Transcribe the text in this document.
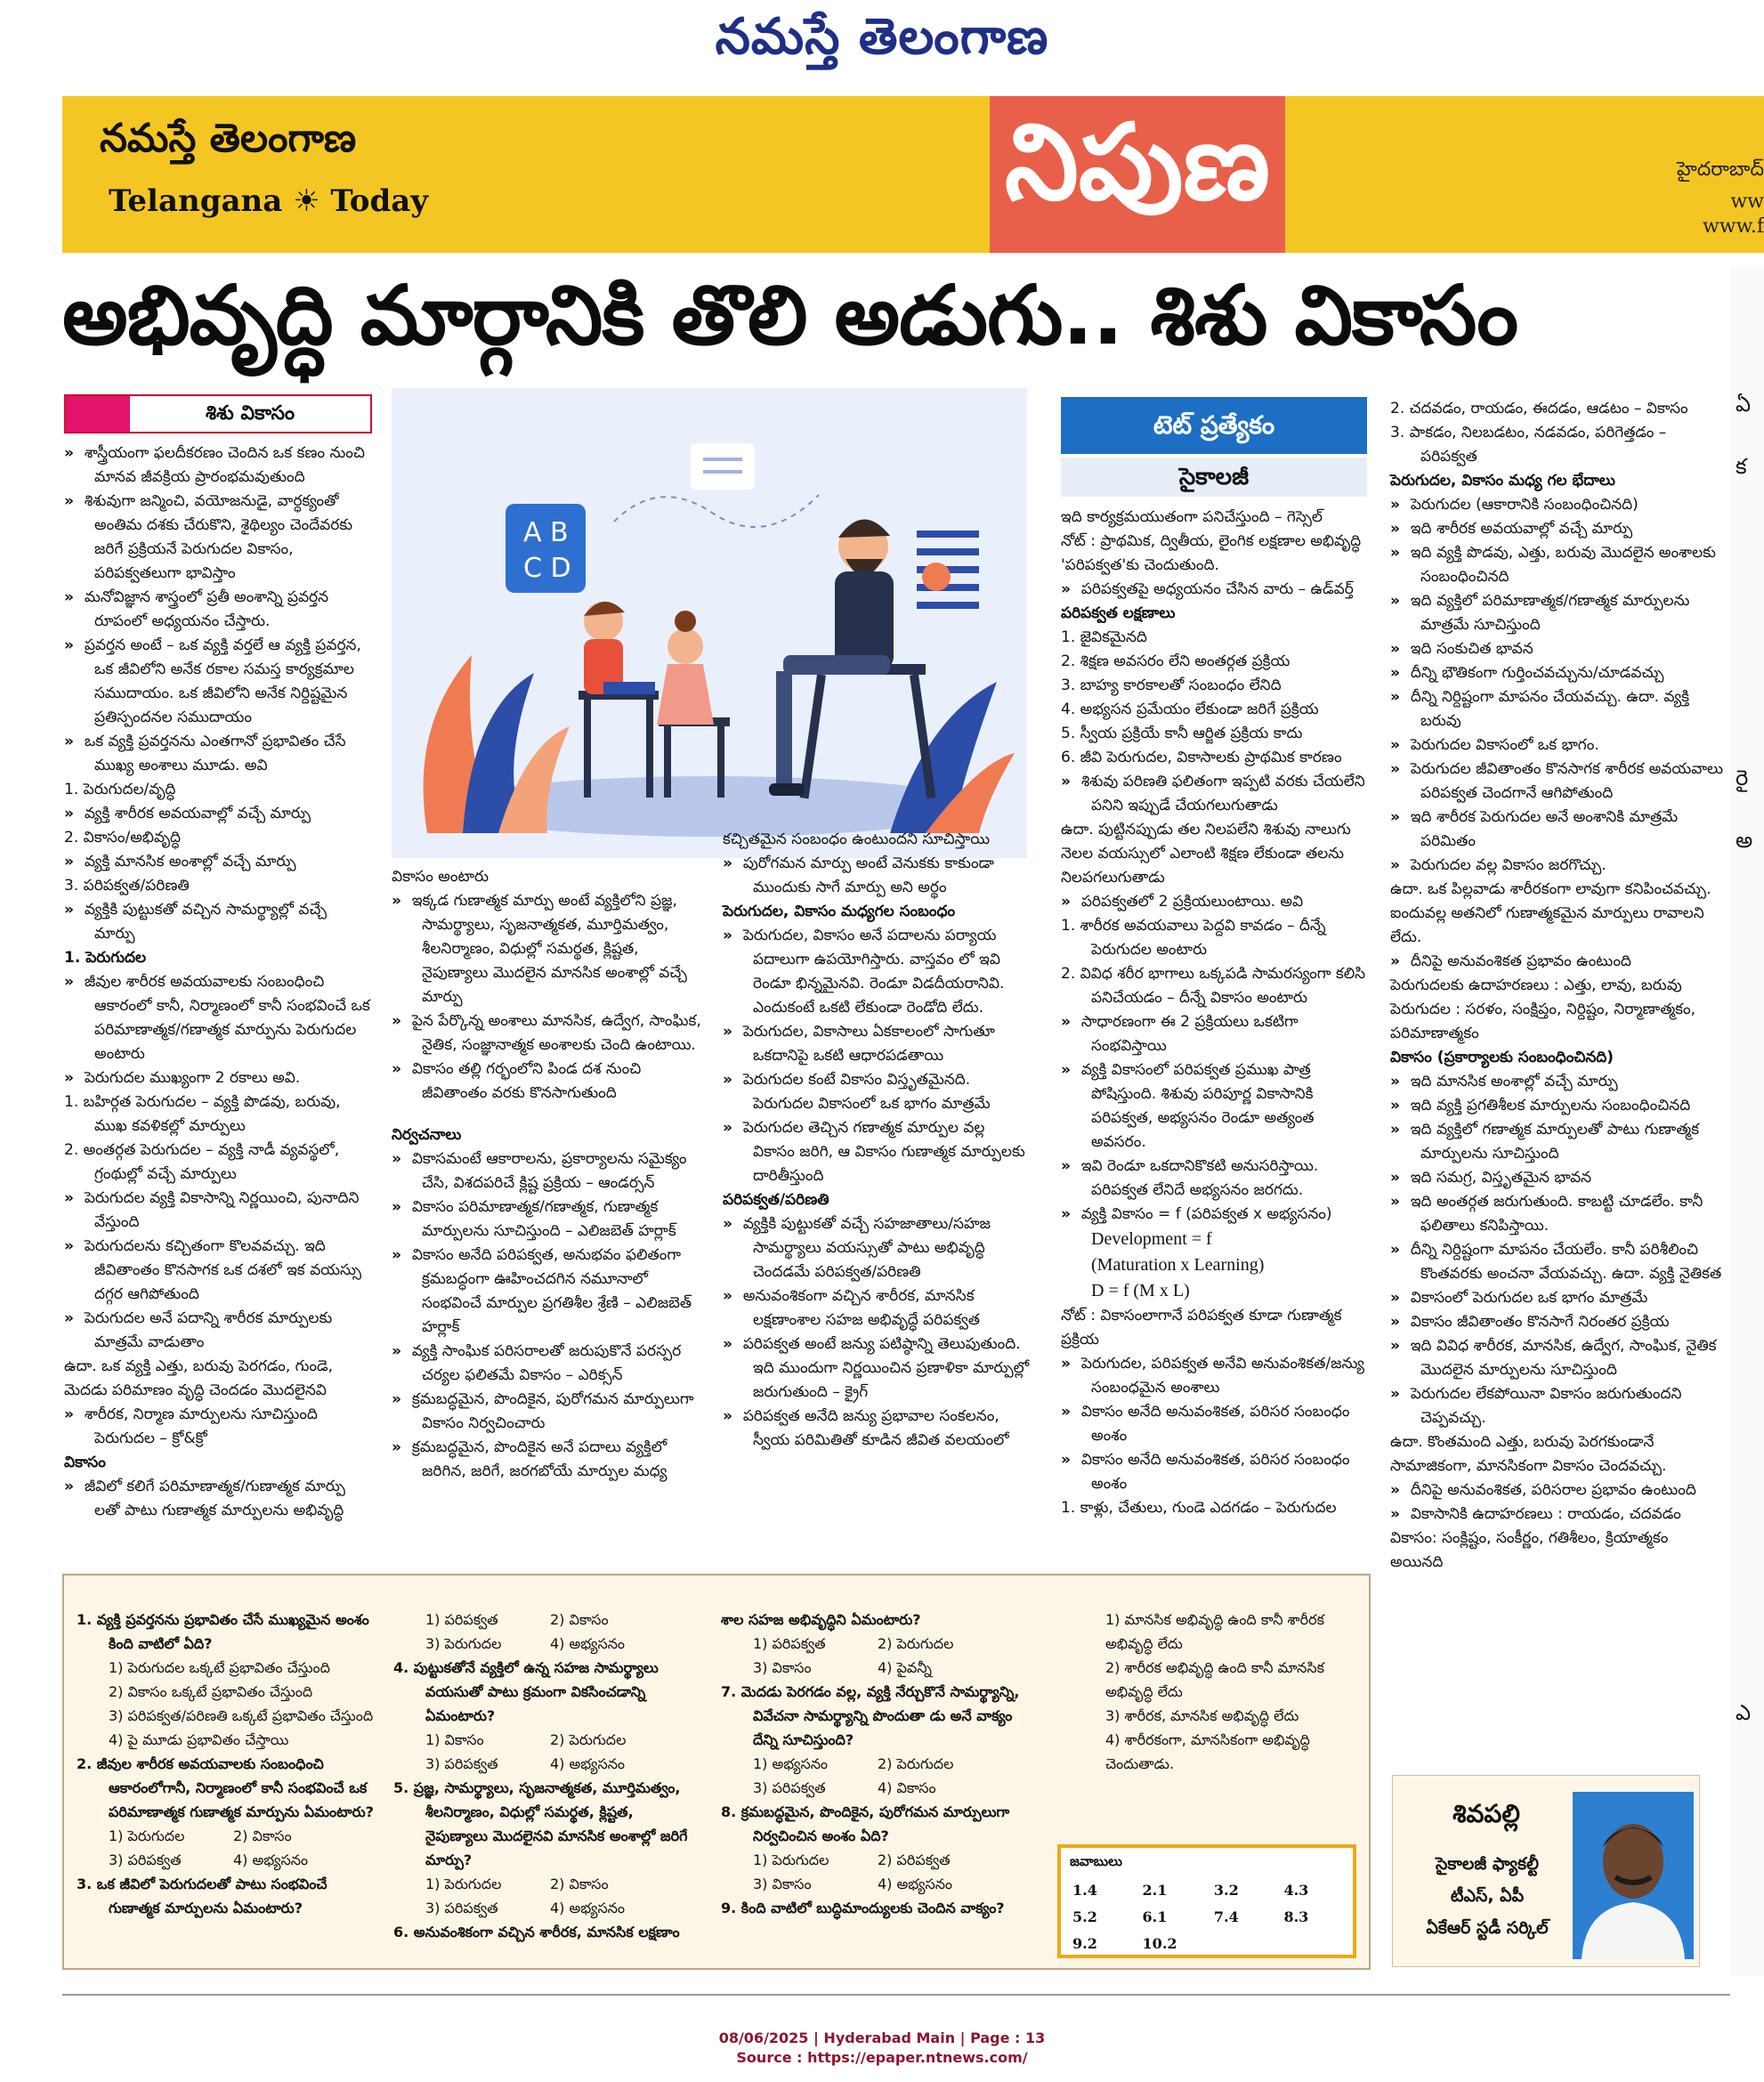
నమస్తే తెలంగాణ
నమస్తే తెలంగాణ
Telangana ☀ Today	నిపుణ	హైదరాబాద్
ww
www.f
అభివృద్ధి మార్గానికి తొలి అడుగు.. శిశు వికాసం
ఏ
క
రై
అ
ఎ
శిశు వికాసం

»  శాస్త్రీయంగా ఫలదీకరణం చెందిన ఒక కణం నుంచి మానవ జీవక్రియ ప్రారంభమవుతుంది

»  శిశువుగా జన్మించి, వయోజనుడై, వార్ధక్యంతో అంతిమ దశకు చేరుకొని, శైథిల్యం చెందేవరకు జరిగే ప్రక్రియనే పెరుగుదల వికాసం, పరిపక్వతలుగా భావిస్తాం

»  మనోవిజ్ఞాన శాస్త్రంలో ప్రతీ అంశాన్ని ప్రవర్తన రూపంలో అధ్యయనం చేస్తారు.

»  ప్రవర్తన అంటే – ఒక వ్యక్తి వర్తలే ఆ వ్యక్తి ప్రవర్తన, ఒక జీవిలోని అనేక రకాల సమస్త కార్యక్రమాల సముదాయం. ఒక జీవిలోని అనేక నిర్దిష్టమైన ప్రతిస్పందనల సముదాయం

»  ఒక వ్యక్తి ప్రవర్తనను ఎంతగానో ప్రభావితం చేసే ముఖ్య అంశాలు మూడు. అవి

1. పెరుగుదల/వృద్ధి

»  వ్యక్తి శారీరక అవయవాల్లో వచ్చే మార్పు

2. వికాసం/అభివృద్ధి

»  వ్యక్తి మానసిక అంశాల్లో వచ్చే మార్పు

3. పరిపక్వత/పరిణతి

»  వ్యక్తికి పుట్టుకతో వచ్చిన సామర్థ్యాల్లో వచ్చే మార్పు

1. పెరుగుదల

»  జీవుల శారీరక అవయవాలకు సంబంధించి ఆకారంలో కానీ, నిర్మాణంలో కానీ సంభవించే ఒక పరిమాణాత్మక/గణాత్మక మార్పును పెరుగుదల అంటారు

»  పెరుగుదల ముఖ్యంగా 2 రకాలు అవి.

1. బహిర్గత పెరుగుదల – వ్యక్తి పొడవు, బరువు, ముఖ కవళికల్లో మార్పులు

2. అంతర్గత పెరుగుదల – వ్యక్తి నాడీ వ్యవస్థలో, గ్రంథుల్లో వచ్చే మార్పులు

»  పెరుగుదల వ్యక్తి వికాసాన్ని నిర్ణయించి, పునాదిని వేస్తుంది

»  పెరుగుదలను కచ్చితంగా కొలవవచ్చు. ఇది జీవితాంతం కొనసాగక ఒక దశలో ఇక వయస్సు దగ్గర ఆగిపోతుంది

»  పెరుగుదల అనే పదాన్ని శారీరక మార్పులకు మాత్రమే వాడుతాం

ఉదా. ఒక వ్యక్తి ఎత్తు, బరువు పెరగడం, గుండె, మెదడు పరిమాణం వృద్ధి చెందడం మొదలైనవి

»  శారీరక, నిర్మాణ మార్పులను సూచిస్తుంది పెరుగుదల – క్రో&క్రో

వికాసం

»  జీవిలో కలిగే పరిమాణాత్మక/గుణాత్మక మార్పు లతో పాటు గుణాత్మక మార్పులను అభివృద్ధి

A B
C D

వికాసం అంటారు

»  ఇక్కడ గుణాత్మక మార్పు అంటే వ్యక్తిలోని ప్రజ్ఞ, సామర్థ్యాలు, సృజనాత్మకత, మూర్తిమత్వం, శీలనిర్మాణం, విధుల్లో సమర్థత, క్లిష్టత, నైపుణ్యాలు మొదలైన మానసిక అంశాల్లో వచ్చే మార్పు

»  పైన పేర్కొన్న అంశాలు మానసిక, ఉద్వేగ, సాంఘిక, నైతిక, సంజ్ఞానాత్మక అంశాలకు చెంది ఉంటాయి.

»  వికాసం తల్లి గర్భంలోని పిండ దశ నుంచి జీవితాంతం వరకు కొనసాగుతుంది

నిర్వచనాలు

»  వికాసమంటే ఆకారాలను, ప్రకార్యాలను సమైక్యం చేసి, విశదపరిచే క్లిష్ట ప్రక్రియ – ఆండర్సన్

»  వికాసం పరిమాణాత్మక/గణాత్మక, గుణాత్మక మార్పులను సూచిస్తుంది – ఎలిజబెత్ హర్లాక్

»  వికాసం అనేది పరిపక్వత, అనుభవం ఫలితంగా క్రమబద్ధంగా ఊహించదగిన నమూనాలో సంభవించే మార్పుల ప్రగతిశీల శ్రేణి – ఎలిజబెత్ హర్లాక్

»  వ్యక్తి సాంఘిక పరిసరాలతో జరుపుకొనే పరస్పర చర్యల ఫలితమే వికాసం – ఎరిక్సన్

»  క్రమబద్ధమైన, పొందికైన, పురోగమన మార్పులుగా వికాసం నిర్వచించారు

»  క్రమబద్ధమైన, పొందికైన అనే పదాలు వ్యక్తిలో జరిగిన, జరిగే, జరగబోయే మార్పుల మధ్య

కచ్చితమైన సంబంధం ఉంటుందని సూచిస్తాయి

»  పురోగమన మార్పు అంటే వెనుకకు కాకుండా ముందుకు సాగే మార్పు అని అర్థం

పెరుగుదల, వికాసం మధ్యగల సంబంధం

»  పెరుగుదల, వికాసం అనే పదాలను పర్యాయ పదాలుగా ఉపయోగిస్తారు. వాస్తవం లో ఇవి రెండూ భిన్నమైనవి. రెండూ విడదీయరానివి. ఎందుకంటే ఒకటి లేకుండా రెండోది లేదు.

»  పెరుగుదల, వికాసాలు ఏకకాలంలో సాగుతూ ఒకదానిపై ఒకటి ఆధారపడతాయి

»  పెరుగుదల కంటే వికాసం విస్తృతమైనది. పెరుగుదల వికాసంలో ఒక భాగం మాత్రమే

»  పెరుగుదల తెచ్చిన గణాత్మక మార్పుల వల్ల వికాసం జరిగి, ఆ వికాసం గుణాత్మక మార్పులకు దారితీస్తుంది

పరిపక్వత/పరిణతి

»  వ్యక్తికి పుట్టుకతో వచ్చే సహజాతాలు/సహజ సామర్థ్యాలు వయస్సుతో పాటు అభివృద్ధి చెందడమే పరిపక్వత/పరిణతి

»  అనువంశికంగా వచ్చిన శారీరక, మానసిక లక్షణాంశాల సహజ అభివృద్ధే పరిపక్వత

»  పరిపక్వత అంటే జన్యు పటిష్ఠాన్ని తెలుపుతుంది. ఇది ముందుగా నిర్ణయించిన ప్రణాళికా మార్పుల్లో జరుగుతుంది – క్రైగ్

»  పరిపక్వత అనేది జన్యు ప్రభావాల సంకలనం, స్వీయ పరిమితితో కూడిన జీవిత వలయంలో

టెట్ ప్రత్యేకం
సైకాలజీ

ఇది కార్యక్రమయుతంగా పనిచేస్తుంది – గెస్సెల్

నోట్ : ప్రాథమిక, ద్వితీయ, లైంగిక లక్షణాల అభివృద్ధి 'పరిపక్వత'కు చెందుతుంది.

»  పరిపక్వతపై అధ్యయనం చేసిన వారు – ఉడ్‌వర్త్

పరిపక్వత లక్షణాలు

1. జైవికమైనది

2. శిక్షణ అవసరం లేని అంతర్గత ప్రక్రియ

3. బాహ్య కారకాలతో సంబంధం లేనిది

4. అభ్యసన ప్రమేయం లేకుండా జరిగే ప్రక్రియ

5. స్వీయ ప్రక్రియే కానీ ఆర్జిత ప్రక్రియ కాదు

6. జీవి పెరుగుదల, వికాసాలకు ప్రాథమిక కారణం

»  శిశువు పరిణతి ఫలితంగా ఇప్పటి వరకు చేయలేని పనిని ఇప్పుడే చేయగలుగుతాడు

ఉదా. పుట్టినప్పుడు తల నిలపలేని శిశువు నాలుగు నెలల వయస్సులో ఎలాంటి శిక్షణ లేకుండా తలను నిలపగలుగుతాడు

»  పరిపక్వతలో 2 ప్రక్రియలుంటాయి. అవి

1. శారీరక అవయవాలు పెద్దవి కావడం – దీన్నే పెరుగుదల అంటారు

2. వివిధ శరీర భాగాలు ఒక్కపడి సామరస్యంగా కలిసి పనిచేయడం – దీన్నే వికాసం అంటారు

»  సాధారణంగా ఈ 2 ప్రక్రియలు ఒకటిగా సంభవిస్తాయి

»  వ్యక్తి వికాసంలో పరిపక్వత ప్రముఖ పాత్ర పోషిస్తుంది. శిశువు పరిపూర్ణ వికాసానికి పరిపక్వత, అభ్యసనం రెండూ అత్యంత అవసరం.

»  ఇవి రెండూ ఒకదానికొకటి అనుసరిస్తాయి. పరిపక్వత లేనిదే అభ్యసనం జరగదు.

»  వ్యక్తి వికాసం = f (పరిపక్వత x అభ్యసనం)

Development = f

(Maturation x Learning)

D = f (M x L)

నోట్ : వికాసంలాగానే పరిపక్వత కూడా గుణాత్మక ప్రక్రియ

»  పెరుగుదల, పరిపక్వత అనేవి అనువంశికత/జన్యు సంబంధమైన అంశాలు

»  వికాసం అనేది అనువంశికత, పరిసర సంబంధం అంశం

»  వికాసం అనేది అనువంశికత, పరిసర సంబంధం అంశం

1. కాళ్లు, చేతులు, గుండె ఎదగడం – పెరుగుదల

2. చదవడం, రాయడం, ఈదడం, ఆడటం – వికాసం

3. పాకడం, నిలబడటం, నడవడం, పరిగెత్తడం – పరిపక్వత

పెరుగుదల, వికాసం మధ్య గల భేదాలు

»  పెరుగుదల (ఆకారానికి సంబంధించినది)

»  ఇది శారీరక అవయవాల్లో వచ్చే మార్పు

»  ఇది వ్యక్తి పొడవు, ఎత్తు, బరువు మొదలైన అంశాలకు సంబంధించినది

»  ఇది వ్యక్తిలో పరిమాణాత్మక/గణాత్మక మార్పులను మాత్రమే సూచిస్తుంది

»  ఇది సంకుచిత భావన

»  దీన్ని భౌతికంగా గుర్తించవచ్చును/చూడవచ్చు

»  దీన్ని నిర్దిష్టంగా మాపనం చేయవచ్చు. ఉదా. వ్యక్తి బరువు

»  పెరుగుదల వికాసంలో ఒక భాగం.

»  పెరుగుదల జీవితాంతం కొనసాగక శారీరక అవయవాలు పరిపక్వత చెందగానే ఆగిపోతుంది

»  ఇది శారీరక పెరుగుదల అనే అంశానికి మాత్రమే పరిమితం

»  పెరుగుదల వల్ల వికాసం జరగొచ్చు.

ఉదా. ఒక పిల్లవాడు శారీరకంగా లావుగా కనిపించవచ్చు. ఐందువల్ల అతనిలో గుణాత్మకమైన మార్పులు రావాలని లేదు.

»  దీనిపై అనువంశికత ప్రభావం ఉంటుంది

పెరుగుదలకు ఉదాహరణలు : ఎత్తు, లావు, బరువు

పెరుగుదల : సరళం, సంక్షిప్తం, నిర్దిష్టం, నిర్మాణాత్మకం, పరిమాణాత్మకం

వికాసం (ప్రకార్యాలకు సంబంధించినది)

»  ఇది మానసిక అంశాల్లో వచ్చే మార్పు

»  ఇది వ్యక్తి ప్రగతిశీలక మార్పులను సంబంధించినది

»  ఇది వ్యక్తిలో గణాత్మక మార్పులతో పాటు గుణాత్మక మార్పులను సూచిస్తుంది

»  ఇది సమగ్ర, విస్తృతమైన భావన

»  ఇది అంతర్గత జరుగుతుంది. కాబట్టి చూడలేం. కానీ ఫలితాలు కనిపిస్తాయి.

»  దీన్ని నిర్దిష్టంగా మాపనం చేయలేం. కానీ పరిశీలించి కొంతవరకు అంచనా వేయవచ్చు. ఉదా. వ్యక్తి నైతికత

»  వికాసంలో పెరుగుదల ఒక భాగం మాత్రమే

»  వికాసం జీవితాంతం కొనసాగే నిరంతర ప్రక్రియ

»  ఇది వివిధ శారీరక, మానసిక, ఉద్వేగ, సాంఘిక, నైతిక మొదలైన మార్పులను సూచిస్తుంది

»  పెరుగుదల లేకపోయినా వికాసం జరుగుతుందని చెప్పవచ్చు.

ఉదా. కొంతమంది ఎత్తు, బరువు పెరగకుండానే సామాజికంగా, మానసికంగా వికాసం చెందవచ్చు.

»  దీనిపై అనువంశికత, పరిసరాల ప్రభావం ఉంటుంది

»  వికాసానికి ఉదాహరణలు : రాయడం, చదవడం

వికాసం: సంక్లిష్టం, సంకీర్ణం, గతిశీలం, క్రియాత్మకం అయినది

1. వ్యక్తి ప్రవర్తనను ప్రభావితం చేసే ముఖ్యమైన అంశం కింది వాటిలో ఏది?

1) పెరుగుదల ఒక్కటే ప్రభావితం చేస్తుంది

2) వికాసం ఒక్కటే ప్రభావితం చేస్తుంది

3) పరిపక్వత/పరిణతి ఒక్కటే ప్రభావితం చేస్తుంది

4) పై మూడు ప్రభావితం చేస్తాయి

2. జీవుల శారీరక అవయవాలకు సంబంధించి ఆకారంలోగానీ, నిర్మాణంలో కానీ సంభవించే ఒక పరిమాణాత్మక గుణాత్మక మార్పును ఏమంటారు?

1) పెరుగుదల	2) వికాసం

3) పరిపక్వత	4) అభ్యసనం

3. ఒక జీవిలో పెరుగుదలతో పాటు సంభవించే గుణాత్మక మార్పులను ఏమంటారు?

1) పరిపక్వత	2) వికాసం

3) పెరుగుదల	4) అభ్యసనం

4. పుట్టుకతోనే వ్యక్తిలో ఉన్న సహజ సామర్థ్యాలు వయసుతో పాటు క్రమంగా వికసించడాన్ని ఏమంటారు?

1) వికాసం	2) పెరుగుదల

3) పరిపక్వత	4) అభ్యసనం

5. ప్రజ్ఞ, సామర్థ్యాలు, సృజనాత్మకత, మూర్తిమత్వం, శీలనిర్మాణం, విధుల్లో సమర్థత, క్లిష్టత, నైపుణ్యాలు మొదలైనవి మానసిక అంశాల్లో జరిగే మార్పు?

1) పెరుగుదల	2) వికాసం

3) పరిపక్వత	4) అభ్యసనం

6. అనువంశికంగా వచ్చిన శారీరక, మానసిక లక్షణాం

శాల సహజ అభివృద్ధిని ఏమంటారు?

1) పరిపక్వత	2) పెరుగుదల

3) వికాసం	4) పైవన్నీ

7. మెదడు పెరగడం వల్ల, వ్యక్తి నేర్చుకొనే సామర్థ్యాన్ని, వివేచనా సామర్థ్యాన్ని పొందుతా డు అనే వాక్యం దేన్ని సూచిస్తుంది?

1) అభ్యసనం	2) పెరుగుదల

3) పరిపక్వత	4) వికాసం

8. క్రమబద్ధమైన, పొందికైన, పురోగమన మార్పులుగా నిర్వచించిన అంశం ఏది?

1) పెరుగుదల	2) పరిపక్వత

3) వికాసం	4) అభ్యసనం

9. కింది వాటిలో బుద్ధిమాంద్యులకు చెందిన వాక్యం?

1) మానసిక అభివృద్ధి ఉంది కానీ శారీరక అభివృద్ధి లేదు

2) శారీరక అభివృద్ధి ఉంది కానీ మానసిక అభివృద్ధి లేదు

3) శారీరక, మానసిక అభివృద్ధి లేదు

4) శారీరకంగా, మానసికంగా అభివృద్ధి చెందుతాడు.

జవాబులు
1.4	2.1	3.2	4.3
5.2	6.1	7.4	8.3
9.2	10.2		
శివపల్లి
సైకాలజీ ఫ్యాకల్టీ
టీఎస్, ఏపీ
ఏకేఆర్ స్టడీ సర్కిల్
08/06/2025 | Hyderabad Main | Page : 13
Source : https://epaper.ntnews.com/
